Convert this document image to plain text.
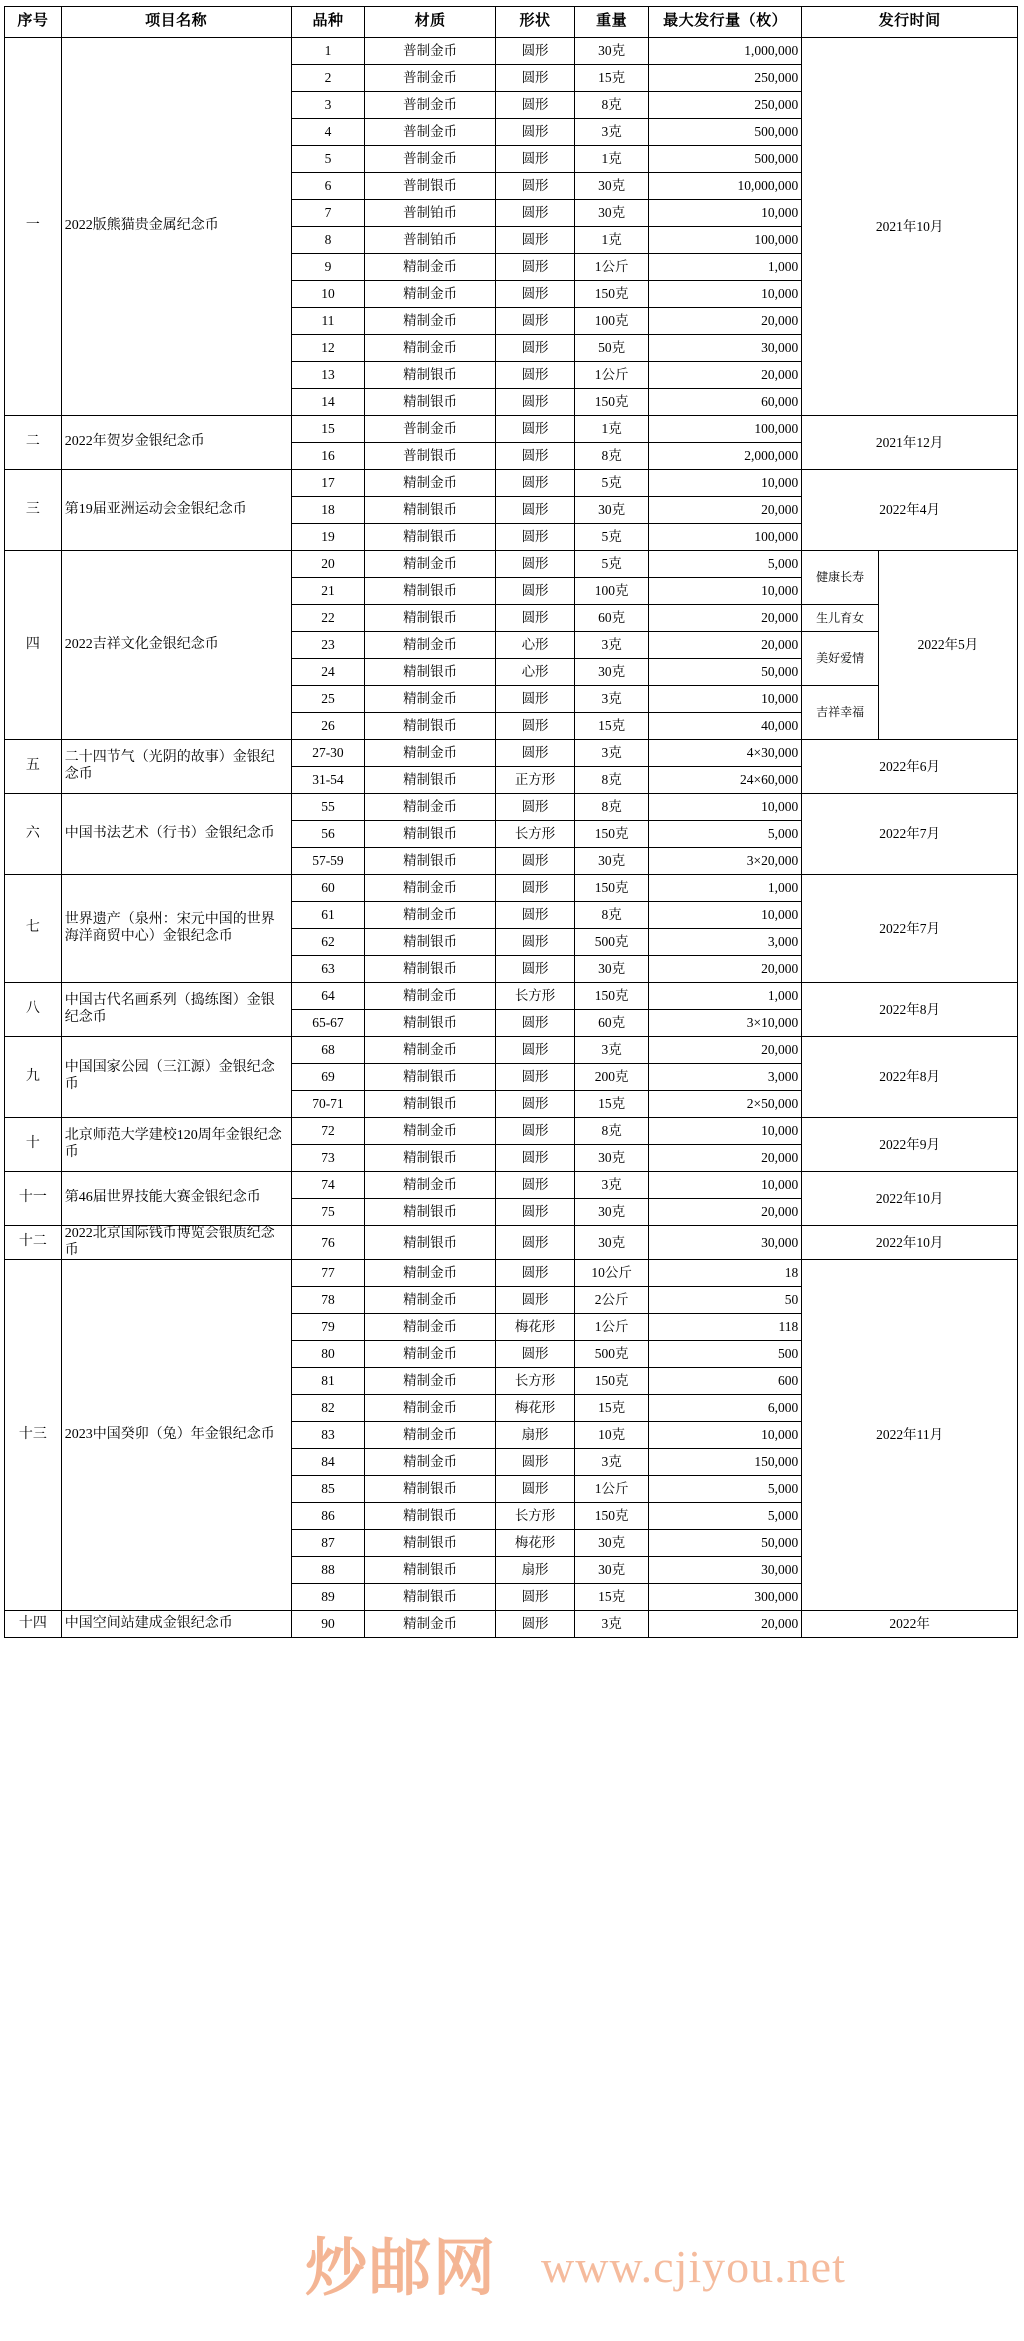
序号	项目名称	品种	材质	形状	重量	最大发行量（枚）	发行时间	
一	2022版熊猫贵金属纪念币	1	普制金币	圆形	30克	1,000,000	2021年10月	
		2	普制金币	圆形	15克	250,000		
		3	普制金币	圆形	8克	250,000		
		4	普制金币	圆形	3克	500,000		
		5	普制金币	圆形	1克	500,000		
		6	普制银币	圆形	30克	10,000,000		
		7	普制铂币	圆形	30克	10,000		
		8	普制铂币	圆形	1克	100,000		
		9	精制金币	圆形	1公斤	1,000		
		10	精制金币	圆形	150克	10,000		
		11	精制金币	圆形	100克	20,000		
		12	精制金币	圆形	50克	30,000		
		13	精制银币	圆形	1公斤	20,000		
		14	精制银币	圆形	150克	60,000		
二	2022年贺岁金银纪念币	15	普制金币	圆形	1克	100,000	2021年12月	
		16	普制银币	圆形	8克	2,000,000		
三	第19届亚洲运动会金银纪念币	17	精制金币	圆形	5克	10,000	2022年4月	
		18	精制银币	圆形	30克	20,000		
		19	精制银币	圆形	5克	100,000		
四	2022吉祥文化金银纪念币	20	精制金币	圆形	5克	5,000	健康长寿	2022年5月
		21	精制银币	圆形	100克	10,000		
		22	精制银币	圆形	60克	20,000	生儿育女	
		23	精制金币	心形	3克	20,000	美好爱情	
		24	精制银币	心形	30克	50,000		
		25	精制金币	圆形	3克	10,000	吉祥幸福	
		26	精制银币	圆形	15克	40,000		
五	二十四节气（光阴的故事）金银纪念币	27-30	精制金币	圆形	3克	4×30,000	2022年6月	
		31-54	精制银币	正方形	8克	24×60,000		
六	中国书法艺术（行书）金银纪念币	55	精制金币	圆形	8克	10,000	2022年7月	
		56	精制银币	长方形	150克	5,000		
		57-59	精制银币	圆形	30克	3×20,000		
七	世界遗产（泉州：宋元中国的世界海洋商贸中心）金银纪念币	60	精制金币	圆形	150克	1,000	2022年7月	
		61	精制金币	圆形	8克	10,000		
		62	精制银币	圆形	500克	3,000		
		63	精制银币	圆形	30克	20,000		
八	中国古代名画系列（捣练图）金银纪念币	64	精制金币	长方形	150克	1,000	2022年8月	
		65-67	精制银币	圆形	60克	3×10,000		
九	中国国家公园（三江源）金银纪念币	68	精制金币	圆形	3克	20,000	2022年8月	
		69	精制银币	圆形	200克	3,000		
		70-71	精制银币	圆形	15克	2×50,000		
十	北京师范大学建校120周年金银纪念币	72	精制金币	圆形	8克	10,000	2022年9月	
		73	精制银币	圆形	30克	20,000		
十一	第46届世界技能大赛金银纪念币	74	精制金币	圆形	3克	10,000	2022年10月	
		75	精制银币	圆形	30克	20,000		
十二	2022北京国际钱币博览会银质纪念币	76	精制银币	圆形	30克	30,000	2022年10月	
十三	2023中国癸卯（兔）年金银纪念币	77	精制金币	圆形	10公斤	18	2022年11月	
		78	精制金币	圆形	2公斤	50		
		79	精制金币	梅花形	1公斤	118		
		80	精制金币	圆形	500克	500		
		81	精制金币	长方形	150克	600		
		82	精制金币	梅花形	15克	6,000		
		83	精制金币	扇形	10克	10,000		
		84	精制金币	圆形	3克	150,000		
		85	精制银币	圆形	1公斤	5,000		
		86	精制银币	长方形	150克	5,000		
		87	精制银币	梅花形	30克	50,000		
		88	精制银币	扇形	30克	30,000		
		89	精制银币	圆形	15克	300,000		
十四	中国空间站建成金银纪念币	90	精制金币	圆形	3克	20,000	2022年	
炒邮网 www.cjiyou.net
